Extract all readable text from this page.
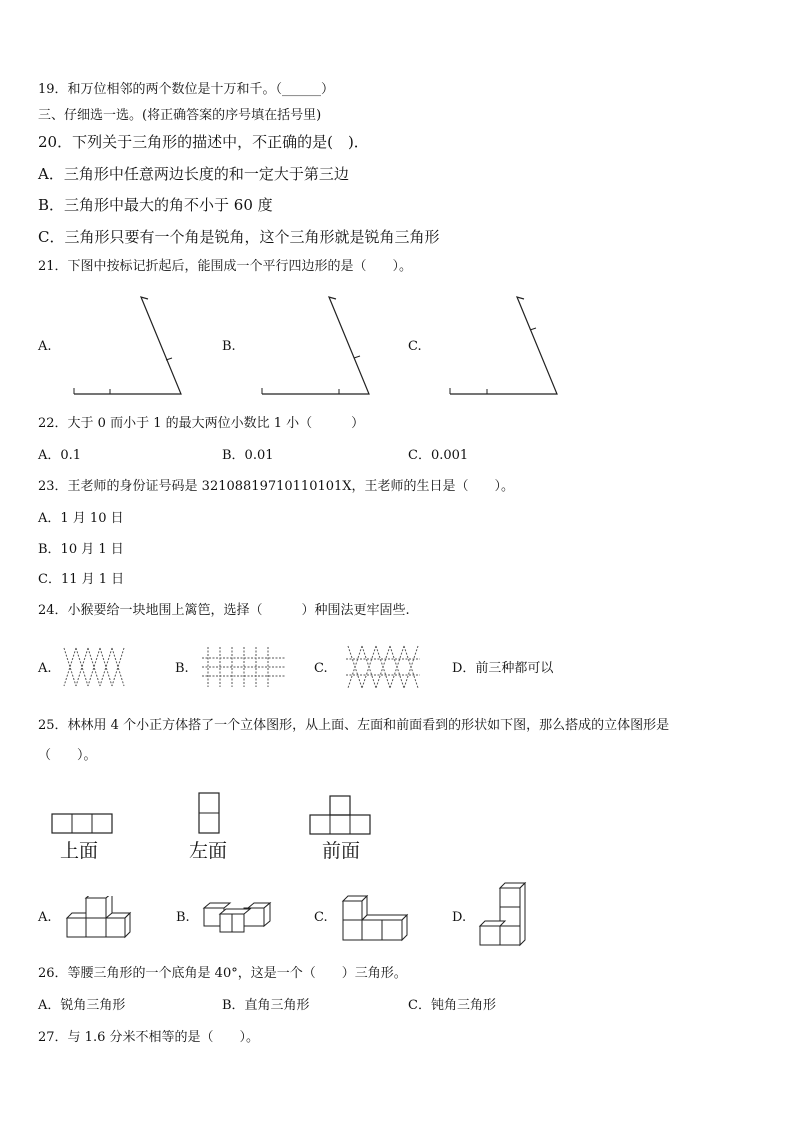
19．和万位相邻的两个数位是十万和千。（______）
三、仔细选一选。(将正确答案的序号填在括号里)
20．下列关于三角形的描述中，不正确的是(　)．
A．三角形中任意两边长度的和一定大于第三边
B．三角形中最大的角不小于 60 度
C．三角形只要有一个角是锐角，这个三角形就是锐角三角形
21．下图中按标记折起后，能围成一个平行四边形的是（　　）。
A.	B.	C.
22．大于 0 而小于 1 的最大两位小数比 1 小（　　　）
A．0.1	B．0.01	C．0.001
23．王老师的身份证号码是 32108819710110101X，王老师的生日是（　　）。
A．1 月 10 日
B．10 月 1 日
C．11 月 1 日
24．小猴要给一块地围上篱笆，选择（　　　）种围法更牢固些.
A.	B.	C.	D．前三种都可以
25．林林用 4 个小正方体搭了一个立体图形，从上面、左面和前面看到的形状如下图，那么搭成的立体图形是
（　　）。
上面	左面	前面
A.	B.	C.	D.
26．等腰三角形的一个底角是 40°，这是一个（　　）三角形。
A．锐角三角形	B．直角三角形	C．钝角三角形
27．与 1.6 分米不相等的是（　　）。
